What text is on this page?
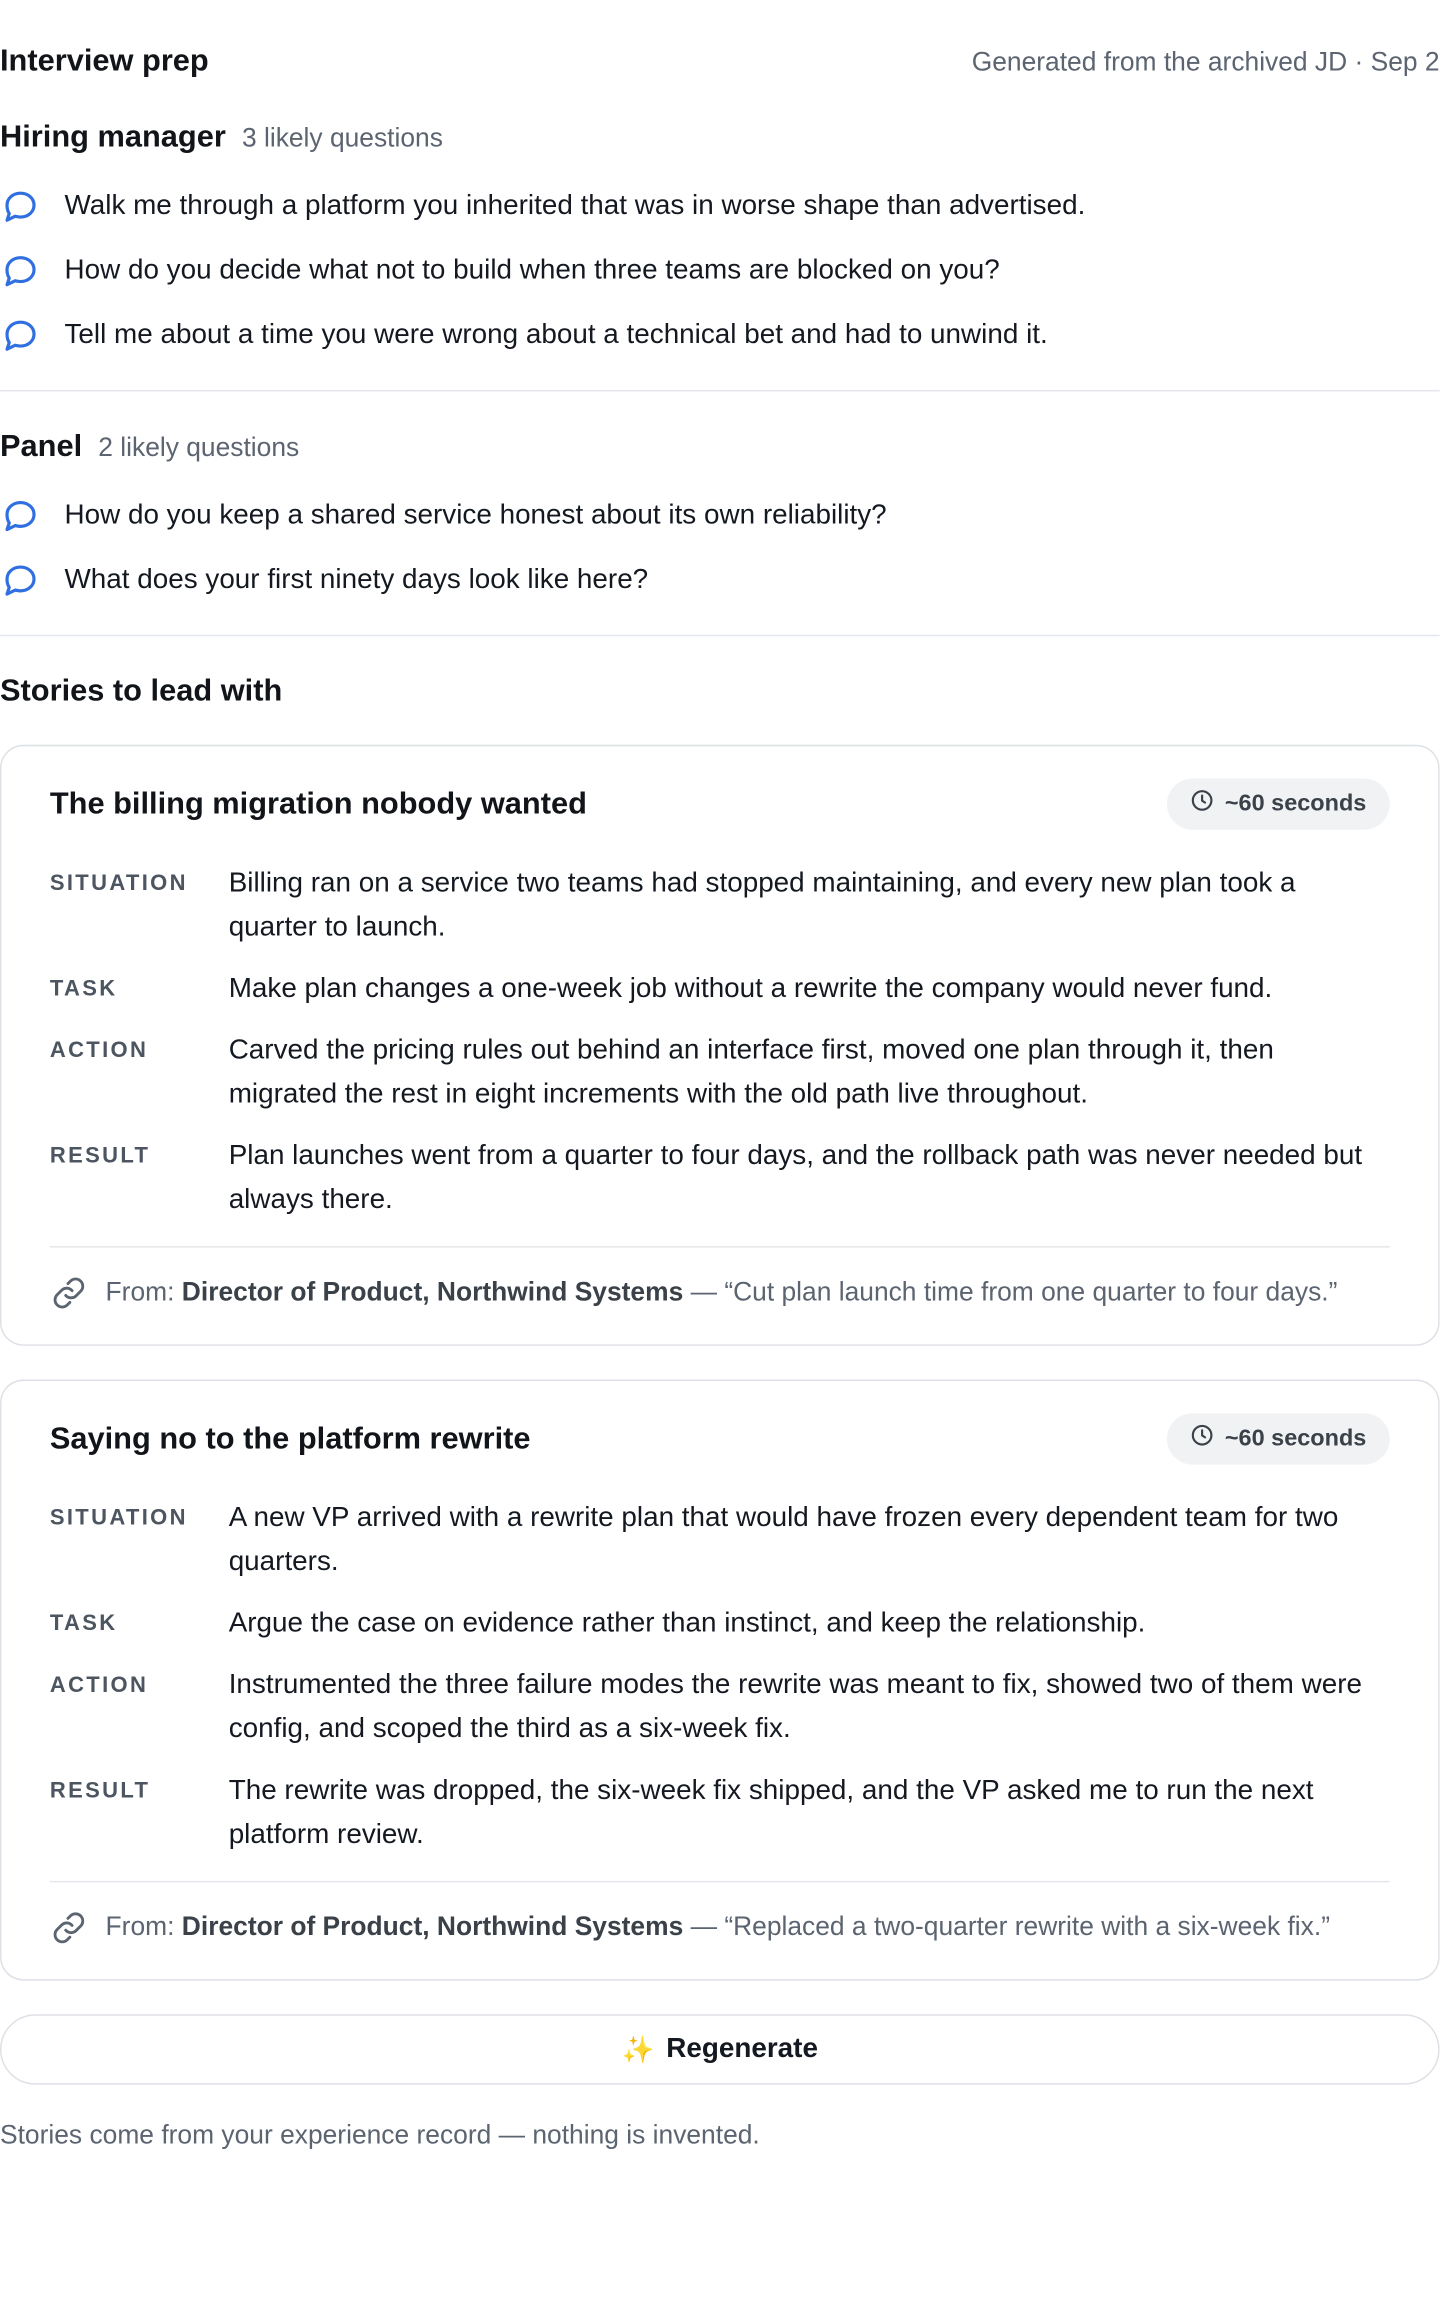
Interview prep	Generated from the archived JD · Sep 2
Hiring manager 3 likely questions
Walk me through a platform you inherited that was in worse shape than advertised.
How do you decide what not to build when three teams are blocked on you?
Tell me about a time you were wrong about a technical bet and had to unwind it.
Panel 2 likely questions
How do you keep a shared service honest about its own reliability?
What does your first ninety days look like here?
Stories to lead with
The billing migration nobody wanted	~60 seconds
SITUATION	Billing ran on a service two teams had stopped maintaining, and every new plan took a quarter to launch.
TASK	Make plan changes a one-week job without a rewrite the company would never fund.
ACTION	Carved the pricing rules out behind an interface first, moved one plan through it, then migrated the rest in eight increments with the old path live throughout.
RESULT	Plan launches went from a quarter to four days, and the rollback path was never needed but always there.
From: Director of Product, Northwind Systems — “Cut plan launch time from one quarter to four days.”
Saying no to the platform rewrite	~60 seconds
SITUATION	A new VP arrived with a rewrite plan that would have frozen every dependent team for two quarters.
TASK	Argue the case on evidence rather than instinct, and keep the relationship.
ACTION	Instrumented the three failure modes the rewrite was meant to fix, showed two of them were config, and scoped the third as a six-week fix.
RESULT	The rewrite was dropped, the six-week fix shipped, and the VP asked me to run the next platform review.
From: Director of Product, Northwind Systems — “Replaced a two-quarter rewrite with a six-week fix.”
✨ Regenerate
Stories come from your experience record — nothing is invented.
